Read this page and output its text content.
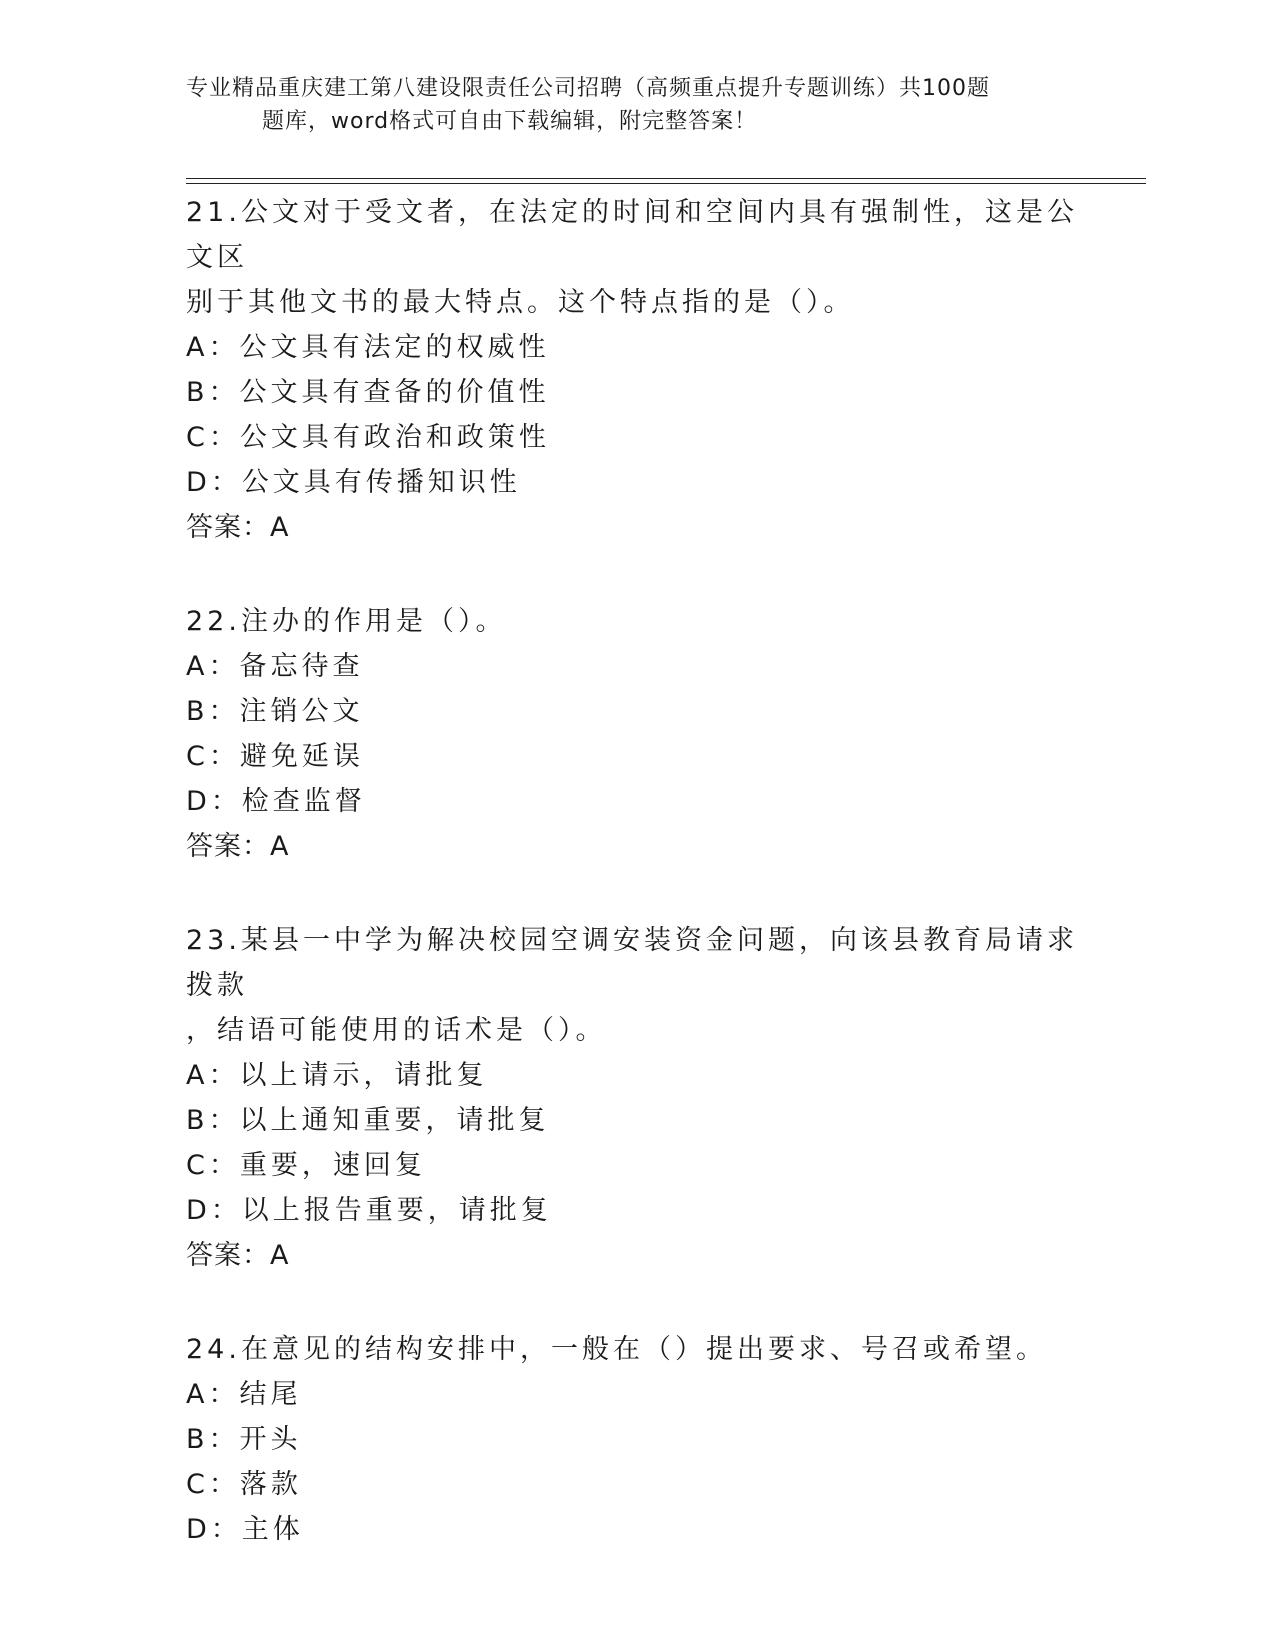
专业精品重庆建工第八建设限责任公司招聘（高频重点提升专题训练）共100题
题库，word格式可自由下载编辑，附完整答案！
21.公文对于受文者，在法定的时间和空间内具有强制性，这是公文区
别于其他文书的最大特点。这个特点指的是（）。
A：公文具有法定的权威性
B：公文具有查备的价值性
C：公文具有政治和政策性
D：公文具有传播知识性
答案：A
22.注办的作用是（）。
A：备忘待查
B：注销公文
C：避免延误
D：检查监督
答案：A
23.某县一中学为解决校园空调安装资金问题，向该县教育局请求拨款
，结语可能使用的话术是（）。
A：以上请示，请批复
B：以上通知重要，请批复
C：重要，速回复
D：以上报告重要，请批复
答案：A
24.在意见的结构安排中，一般在（）提出要求、号召或希望。
A：结尾
B：开头
C：落款
D：主体
